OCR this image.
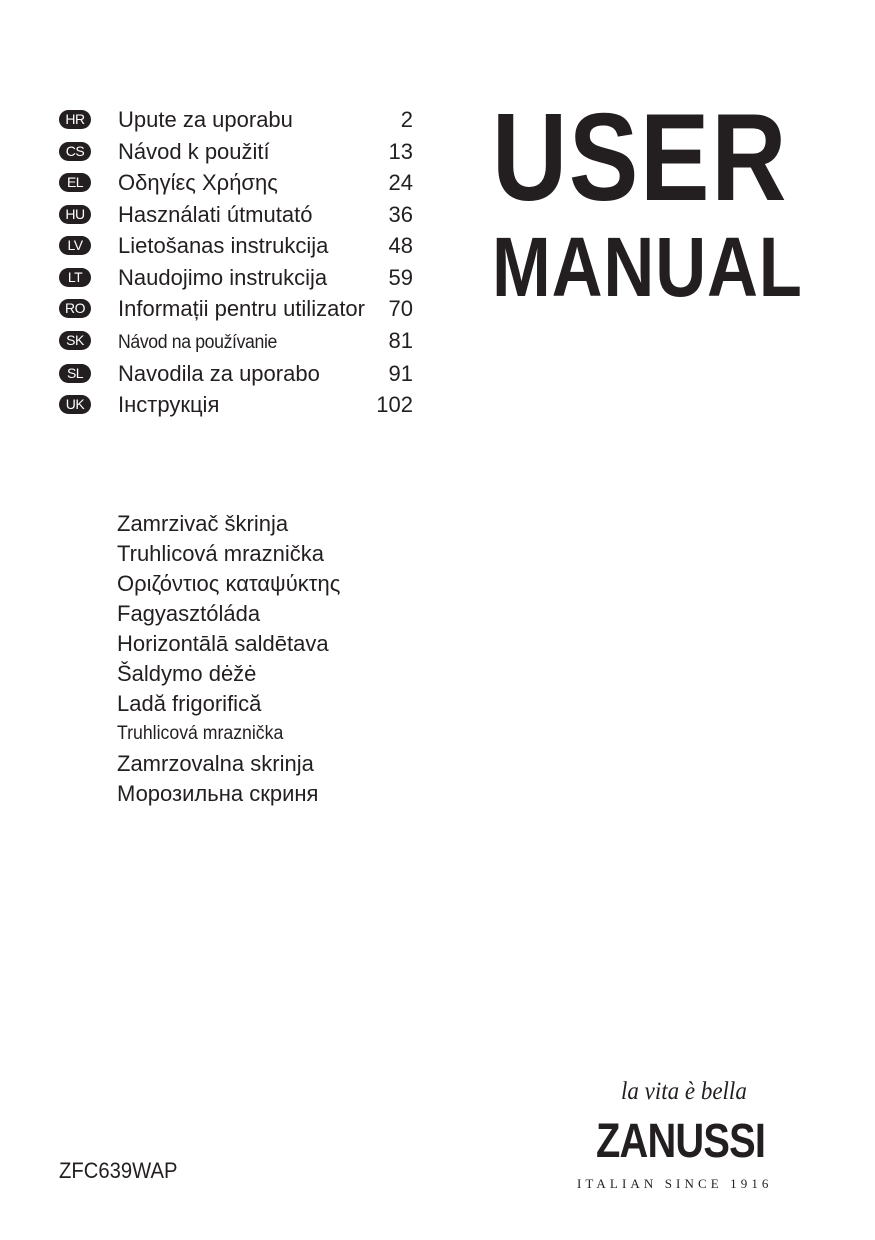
HR Upute za uporabu	2
CS	Návod k použití	13
EL	Οδηγίες Χρήσης	24
HU Használati útmutató	36
LV	Lietošanas instrukcija	48
LT	Naudojimo instrukcija	59
RO Informații pentru utilizator 70
SK	Návod na používanie	81
SL	Navodila za uporabo	91
UK	Інструкція	102
USER
MANUAL
Zamrzivač škrinja
Truhlicová mraznička
Οριζόντιος καταψύκτης
Fagyasztóláda
Horizontālā saldētava
Šaldymo dėžė
Ladă frigorifică
Truhlicová mraznička
Zamrzovalna skrinja
Морозильна скриня
ZFC639WAP
la vita è bella
ZANUSSI
ITALIAN SINCE 1916
